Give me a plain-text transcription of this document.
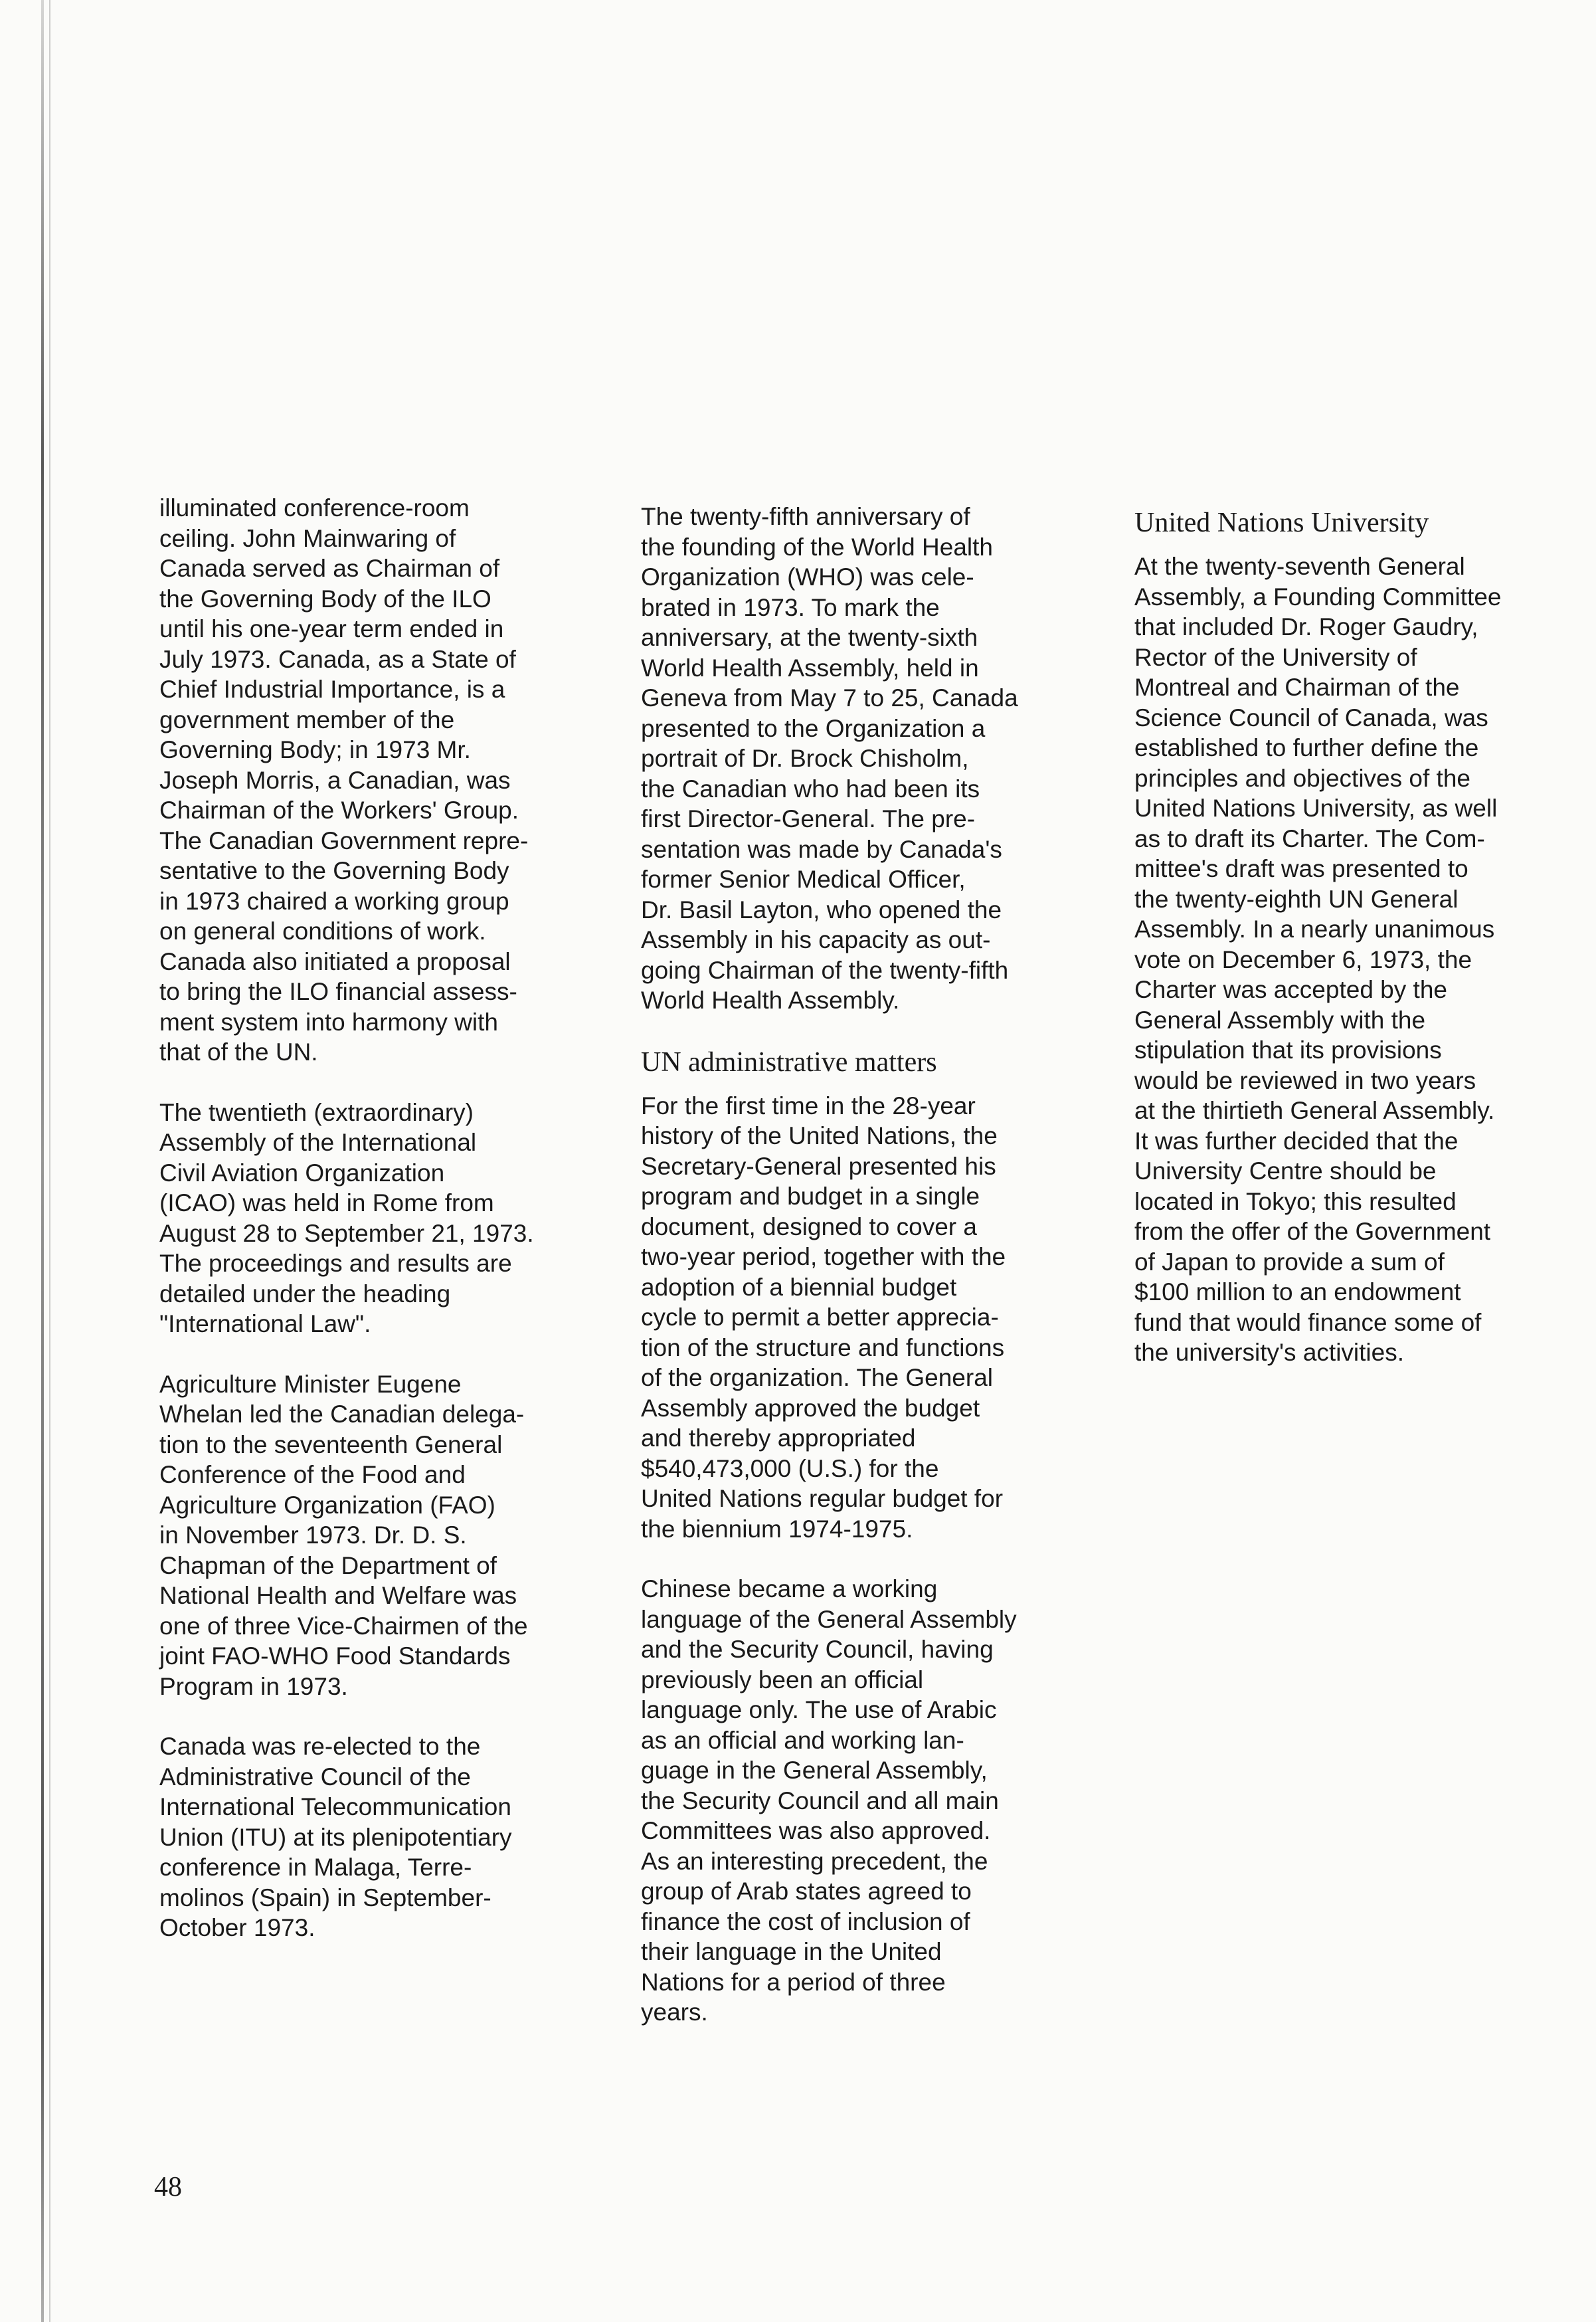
illuminated conference-room
ceiling. John Mainwaring of
Canada served as Chairman of
the Governing Body of the ILO
until his one-year term ended in
July 1973. Canada, as a State of
Chief Industrial Importance, is a
government member of the
Governing Body; in 1973 Mr.
Joseph Morris, a Canadian, was
Chairman of the Workers' Group.
The Canadian Government repre-
sentative to the Governing Body
in 1973 chaired a working group
on general conditions of work.
Canada also initiated a proposal
to bring the ILO financial assess-
ment system into harmony with
that of the UN.

The twentieth (extraordinary)
Assembly of the International
Civil Aviation Organization
(ICAO) was held in Rome from
August 28 to September 21, 1973.
The proceedings and results are
detailed under the heading
"International Law".

Agriculture Minister Eugene
Whelan led the Canadian delega-
tion to the seventeenth General
Conference of the Food and
Agriculture Organization (FAO)
in November 1973. Dr. D. S.
Chapman of the Department of
National Health and Welfare was
one of three Vice-Chairmen of the
joint FAO-WHO Food Standards
Program in 1973.

Canada was re-elected to the
Administrative Council of the
International Telecommunication
Union (ITU) at its plenipotentiary
conference in Malaga, Terre-
molinos (Spain) in September-
October 1973.

The twenty-fifth anniversary of
the founding of the World Health
Organization (WHO) was cele-
brated in 1973. To mark the
anniversary, at the twenty-sixth
World Health Assembly, held in
Geneva from May 7 to 25, Canada
presented to the Organization a
portrait of Dr. Brock Chisholm,
the Canadian who had been its
first Director-General. The pre-
sentation was made by Canada's
former Senior Medical Officer,
Dr. Basil Layton, who opened the
Assembly in his capacity as out-
going Chairman of the twenty-fifth
World Health Assembly.

UN administrative matters

For the first time in the 28-year
history of the United Nations, the
Secretary-General presented his
program and budget in a single
document, designed to cover a
two-year period, together with the
adoption of a biennial budget
cycle to permit a better apprecia-
tion of the structure and functions
of the organization. The General
Assembly approved the budget
and thereby appropriated
$540,473,000 (U.S.) for the
United Nations regular budget for
the biennium 1974-1975.

Chinese became a working
language of the General Assembly
and the Security Council, having
previously been an official
language only. The use of Arabic
as an official and working lan-
guage in the General Assembly,
the Security Council and all main
Committees was also approved.
As an interesting precedent, the
group of Arab states agreed to
finance the cost of inclusion of
their language in the United
Nations for a period of three
years.

United Nations University

At the twenty-seventh General
Assembly, a Founding Committee
that included Dr. Roger Gaudry,
Rector of the University of
Montreal and Chairman of the
Science Council of Canada, was
established to further define the
principles and objectives of the
United Nations University, as well
as to draft its Charter. The Com-
mittee's draft was presented to
the twenty-eighth UN General
Assembly. In a nearly unanimous
vote on December 6, 1973, the
Charter was accepted by the
General Assembly with the
stipulation that its provisions
would be reviewed in two years
at the thirtieth General Assembly.
It was further decided that the
University Centre should be
located in Tokyo; this resulted
from the offer of the Government
of Japan to provide a sum of
$100 million to an endowment
fund that would finance some of
the university's activities.

48
